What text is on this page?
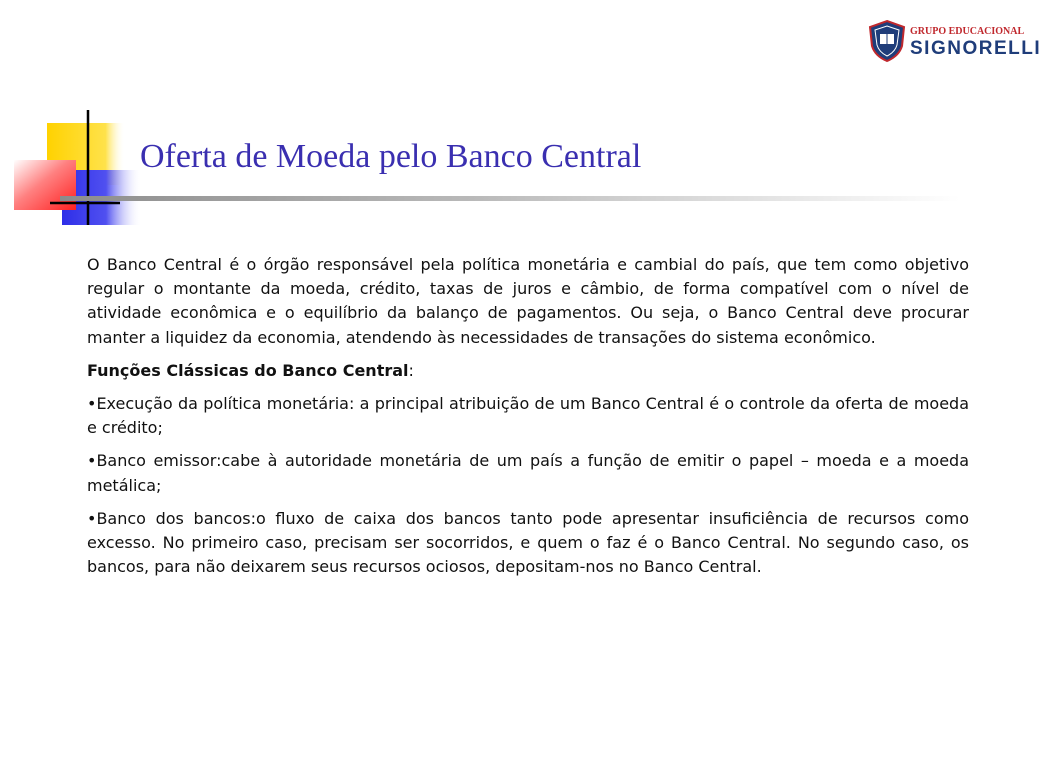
GRUPO EDUCACIONAL
SIGNORELLI
Oferta de Moeda pelo Banco Central

O Banco Central é o órgão responsável pela política monetária e cambial do país, que tem como objetivo regular o montante da moeda, crédito, taxas de juros e câmbio, de forma compatível com o nível de atividade econômica e o equilíbrio da balanço de pagamentos. Ou seja, o Banco Central deve procurar manter a liquidez da economia, atendendo às necessidades de transações do sistema econômico.

Funções Clássicas do Banco Central:

•Execução da política monetária: a principal atribuição de um Banco Central é o controle da oferta de moeda e crédito;

•Banco emissor:cabe à autoridade monetária de um país a função de emitir o papel – moeda e a moeda metálica;

•Banco dos bancos:o fluxo de caixa dos bancos tanto pode apresentar insuficiência de recursos como excesso. No primeiro caso, precisam ser socorridos, e quem o faz é o Banco Central. No segundo caso, os bancos, para não deixarem seus recursos ociosos, depositam-nos no Banco Central.
